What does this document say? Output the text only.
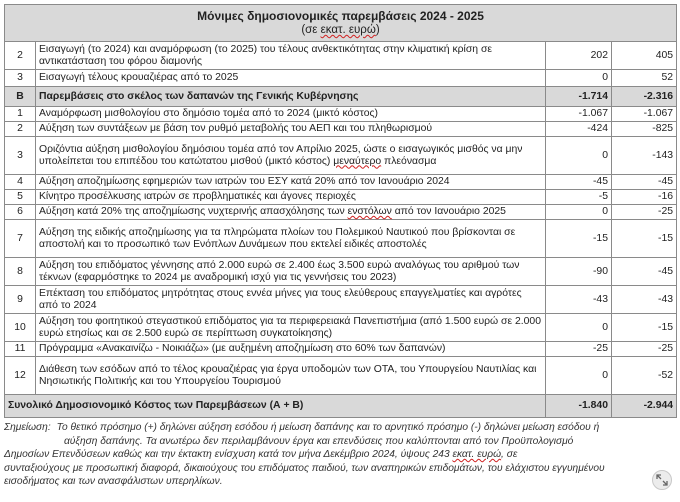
Μόνιμες δημοσιονομικές παρεμβάσεις 2024 - 2025
(σε εκατ. ευρώ)			

2	Εισαγωγή (το 2024) και αναμόρφωση (το 2025) του τέλους ανθεκτικότητας στην κλιματική κρίση σε αντικατάσταση του φόρου διαμονής	202	405
3	Εισαγωγή τέλους κρουαζιέρας από το 2025	0	52
B	Παρεμβάσεις στο σκέλος των δαπανών της Γενικής Κυβέρνησης	-1.714	-2.316
1	Αναμόρφωση μισθολογίου στο δημόσιο τομέα από το 2024 (μικτό κόστος)	-1.067	-1.067
2	Αύξηση των συντάξεων με βάση τον ρυθμό μεταβολής του ΑΕΠ και του πληθωρισμού	-424	-825
3	Οριζόντια αύξηση μισθολογίου δημόσιου τομέα από τον Απρίλιο 2025, ώστε ο εισαγωγικός μισθός να μην υπολείπεται του επιπέδου του κατώτατου μισθού (μικτό κόστος) μεναύτερο πλεόνασμα	0	-143
4	Αύξηση αποζημίωσης εφημεριών των ιατρών του ΕΣΥ κατά 20% από τον Ιανουάριο 2024	-45	-45
5	Κίνητρο προσέλκυσης ιατρών σε προβληματικές και άγονες περιοχές	-5	-16
6	Αύξηση κατά 20% της αποζημίωσης νυχτερινής απασχόλησης των ενστόλων από τον Ιανουάριο 2025	0	-25
7	Αύξηση της ειδικής αποζημίωσης για τα πληρώματα πλοίων του Πολεμικού Ναυτικού που βρίσκονται σε αποστολή και το προσωπικό των Ενόπλων Δυνάμεων που εκτελεί ειδικές αποστολές	-15	-15
8	Αύξηση του επιδόματος γέννησης από 2.000 ευρώ σε 2.400 έως 3.500 ευρώ αναλόγως του αριθμού των τέκνων (εφαρμόστηκε το 2024 με αναδρομική ισχύ για τις γεννήσεις του 2023)	-90	-45
9	Επέκταση του επιδόματος μητρότητας στους εννέα μήνες για τους ελεύθερους επαγγελματίες και αγρότες από το 2024	-43	-43
10	Αύξηση του φοιτητικού στεγαστικού επιδόματος για τα περιφερειακά Πανεπιστήμια (από 1.500 ευρώ σε 2.000 ευρώ ετησίως και σε 2.500 ευρώ σε περίπτωση συγκατοίκησης)	0	-15
11	Πρόγραμμα «Ανακαινίζω - Νοικιάζω» (με αυξημένη αποζημίωση στο 60% των δαπανών)	-25	-25
12	Διάθεση των εσόδων από το τέλος κρουαζιέρας για έργα υποδομών των ΟΤΑ, του Υπουργείου Ναυτιλίας και Νησιωτικής Πολιτικής και του Υπουργείου Τουρισμού	0	-52
Συνολικό Δημοσιονομικό Κόστος των Παρεμβάσεων (Α + Β)		-1.840	-2.944
Σημείωση: Το θετικό πρόσημο (+) δηλώνει αύξηση εσόδου ή μείωση δαπάνης και το αρνητικό πρόσημο (-) δηλώνει μείωση εσόδου ή
αύξηση δαπάνης. Τα ανωτέρω δεν περιλαμβάνουν έργα και επενδύσεις που καλύπτονται από τον Προϋπολογισμό
Δημοσίων Επενδύσεων καθώς και την έκτακτη ενίσχυση κατά τον μήνα Δεκέμβριο 2024, ύψους 243 εκατ. ευρώ, σε
συνταξιούχους με προσωπική διαφορά, δικαιούχους του επιδόματος παιδιού, των αναπηρικών επιδομάτων, του ελάχιστου εγγυημένου
εισοδήματος και των ανασφάλιστων υπερηλίκων.
